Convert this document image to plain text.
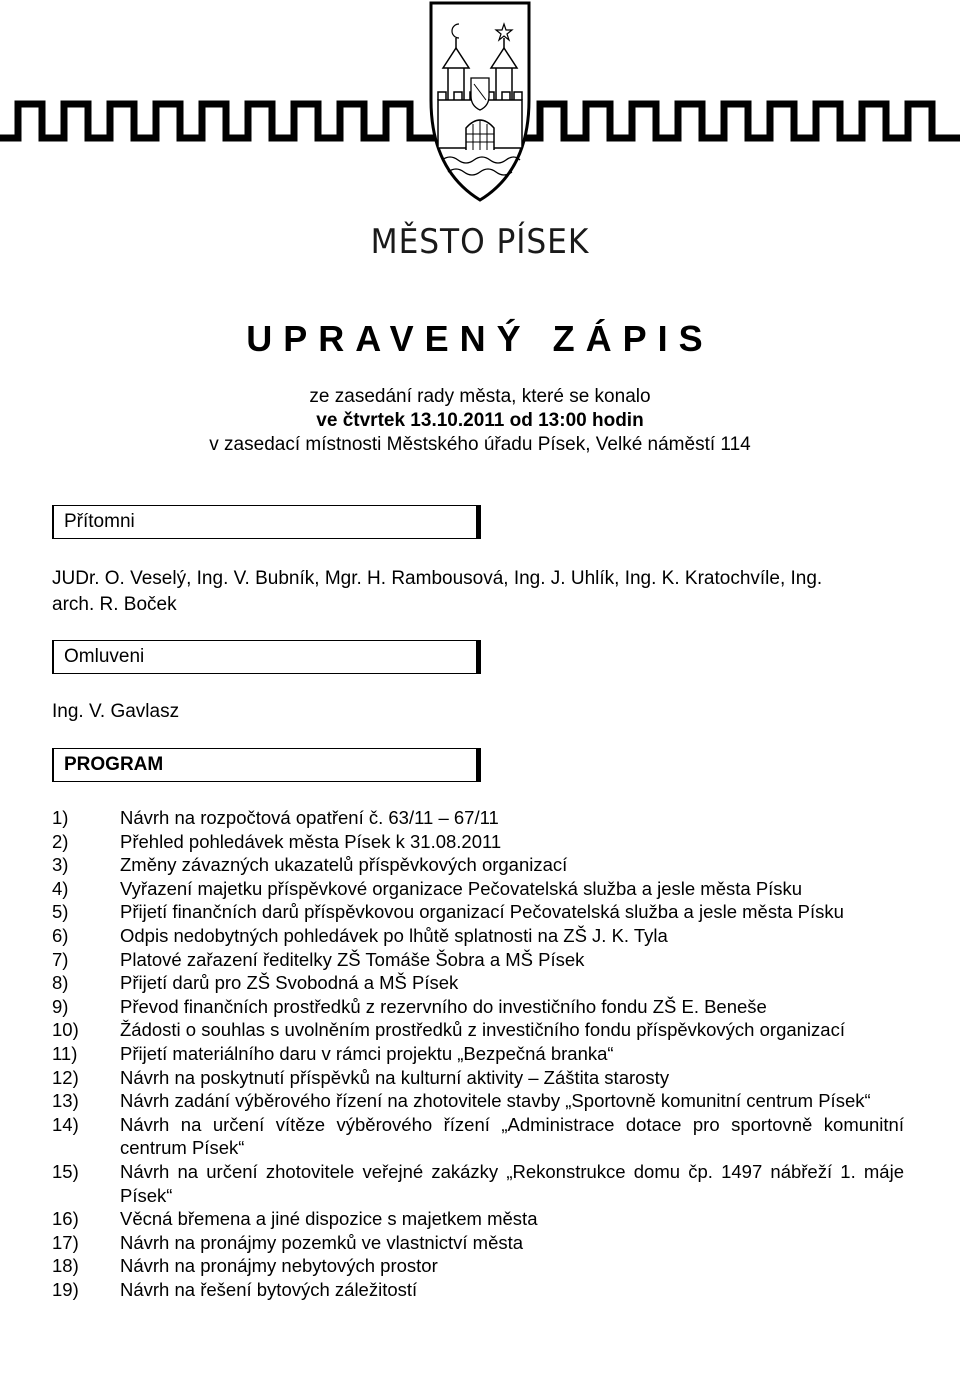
MĚSTO PÍSEK
UPRAVENÝ ZÁPIS
ze zasedání rady města, které se konalo
ve čtvrtek 13.10.2011 od 13:00 hodin
v zasedací místnosti Městského úřadu Písek, Velké náměstí 114
Přítomni
JUDr. O. Veselý, Ing. V. Bubník, Mgr. H. Rambousová, Ing. J. Uhlík, Ing. K. Kratochvíle, Ing.
arch. R. Boček
Omluveni
Ing. V. Gavlasz
PROGRAM
1)	Návrh na rozpočtová opatření č. 63/11 – 67/11
2)	Přehled pohledávek města Písek k 31.08.2011
3)	Změny závazných ukazatelů příspěvkových organizací
4)	Vyřazení majetku příspěvkové organizace Pečovatelská služba a jesle města Písku
5)	Přijetí finančních darů příspěvkovou organizací Pečovatelská služba a jesle města Písku
6)	Odpis nedobytných pohledávek po lhůtě splatnosti na ZŠ J. K. Tyla
7)	Platové zařazení ředitelky ZŠ Tomáše Šobra a MŠ Písek
8)	Přijetí darů pro ZŠ Svobodná a MŠ Písek
9)	Převod finančních prostředků z rezervního do investičního fondu ZŠ E. Beneše
10) Žádosti o souhlas s uvolněním prostředků z investičního fondu příspěvkových organizací
11) Přijetí materiálního daru v rámci projektu „Bezpečná branka“
12) Návrh na poskytnutí příspěvků na kulturní aktivity – Záštita starosty
13) Návrh zadání výběrového řízení na zhotovitele stavby „Sportovně komunitní centrum Písek“
14) Návrh na určení vítěze výběrového řízení „Administrace dotace pro sportovně komunitní centrum Písek“
15) Návrh na určení zhotovitele veřejné zakázky „Rekonstrukce domu čp. 1497 nábřeží 1. máje Písek“
16) Věcná břemena a jiné dispozice s majetkem města
17) Návrh na pronájmy pozemků ve vlastnictví města
18) Návrh na pronájmy nebytových prostor
19) Návrh na řešení bytových záležitostí
